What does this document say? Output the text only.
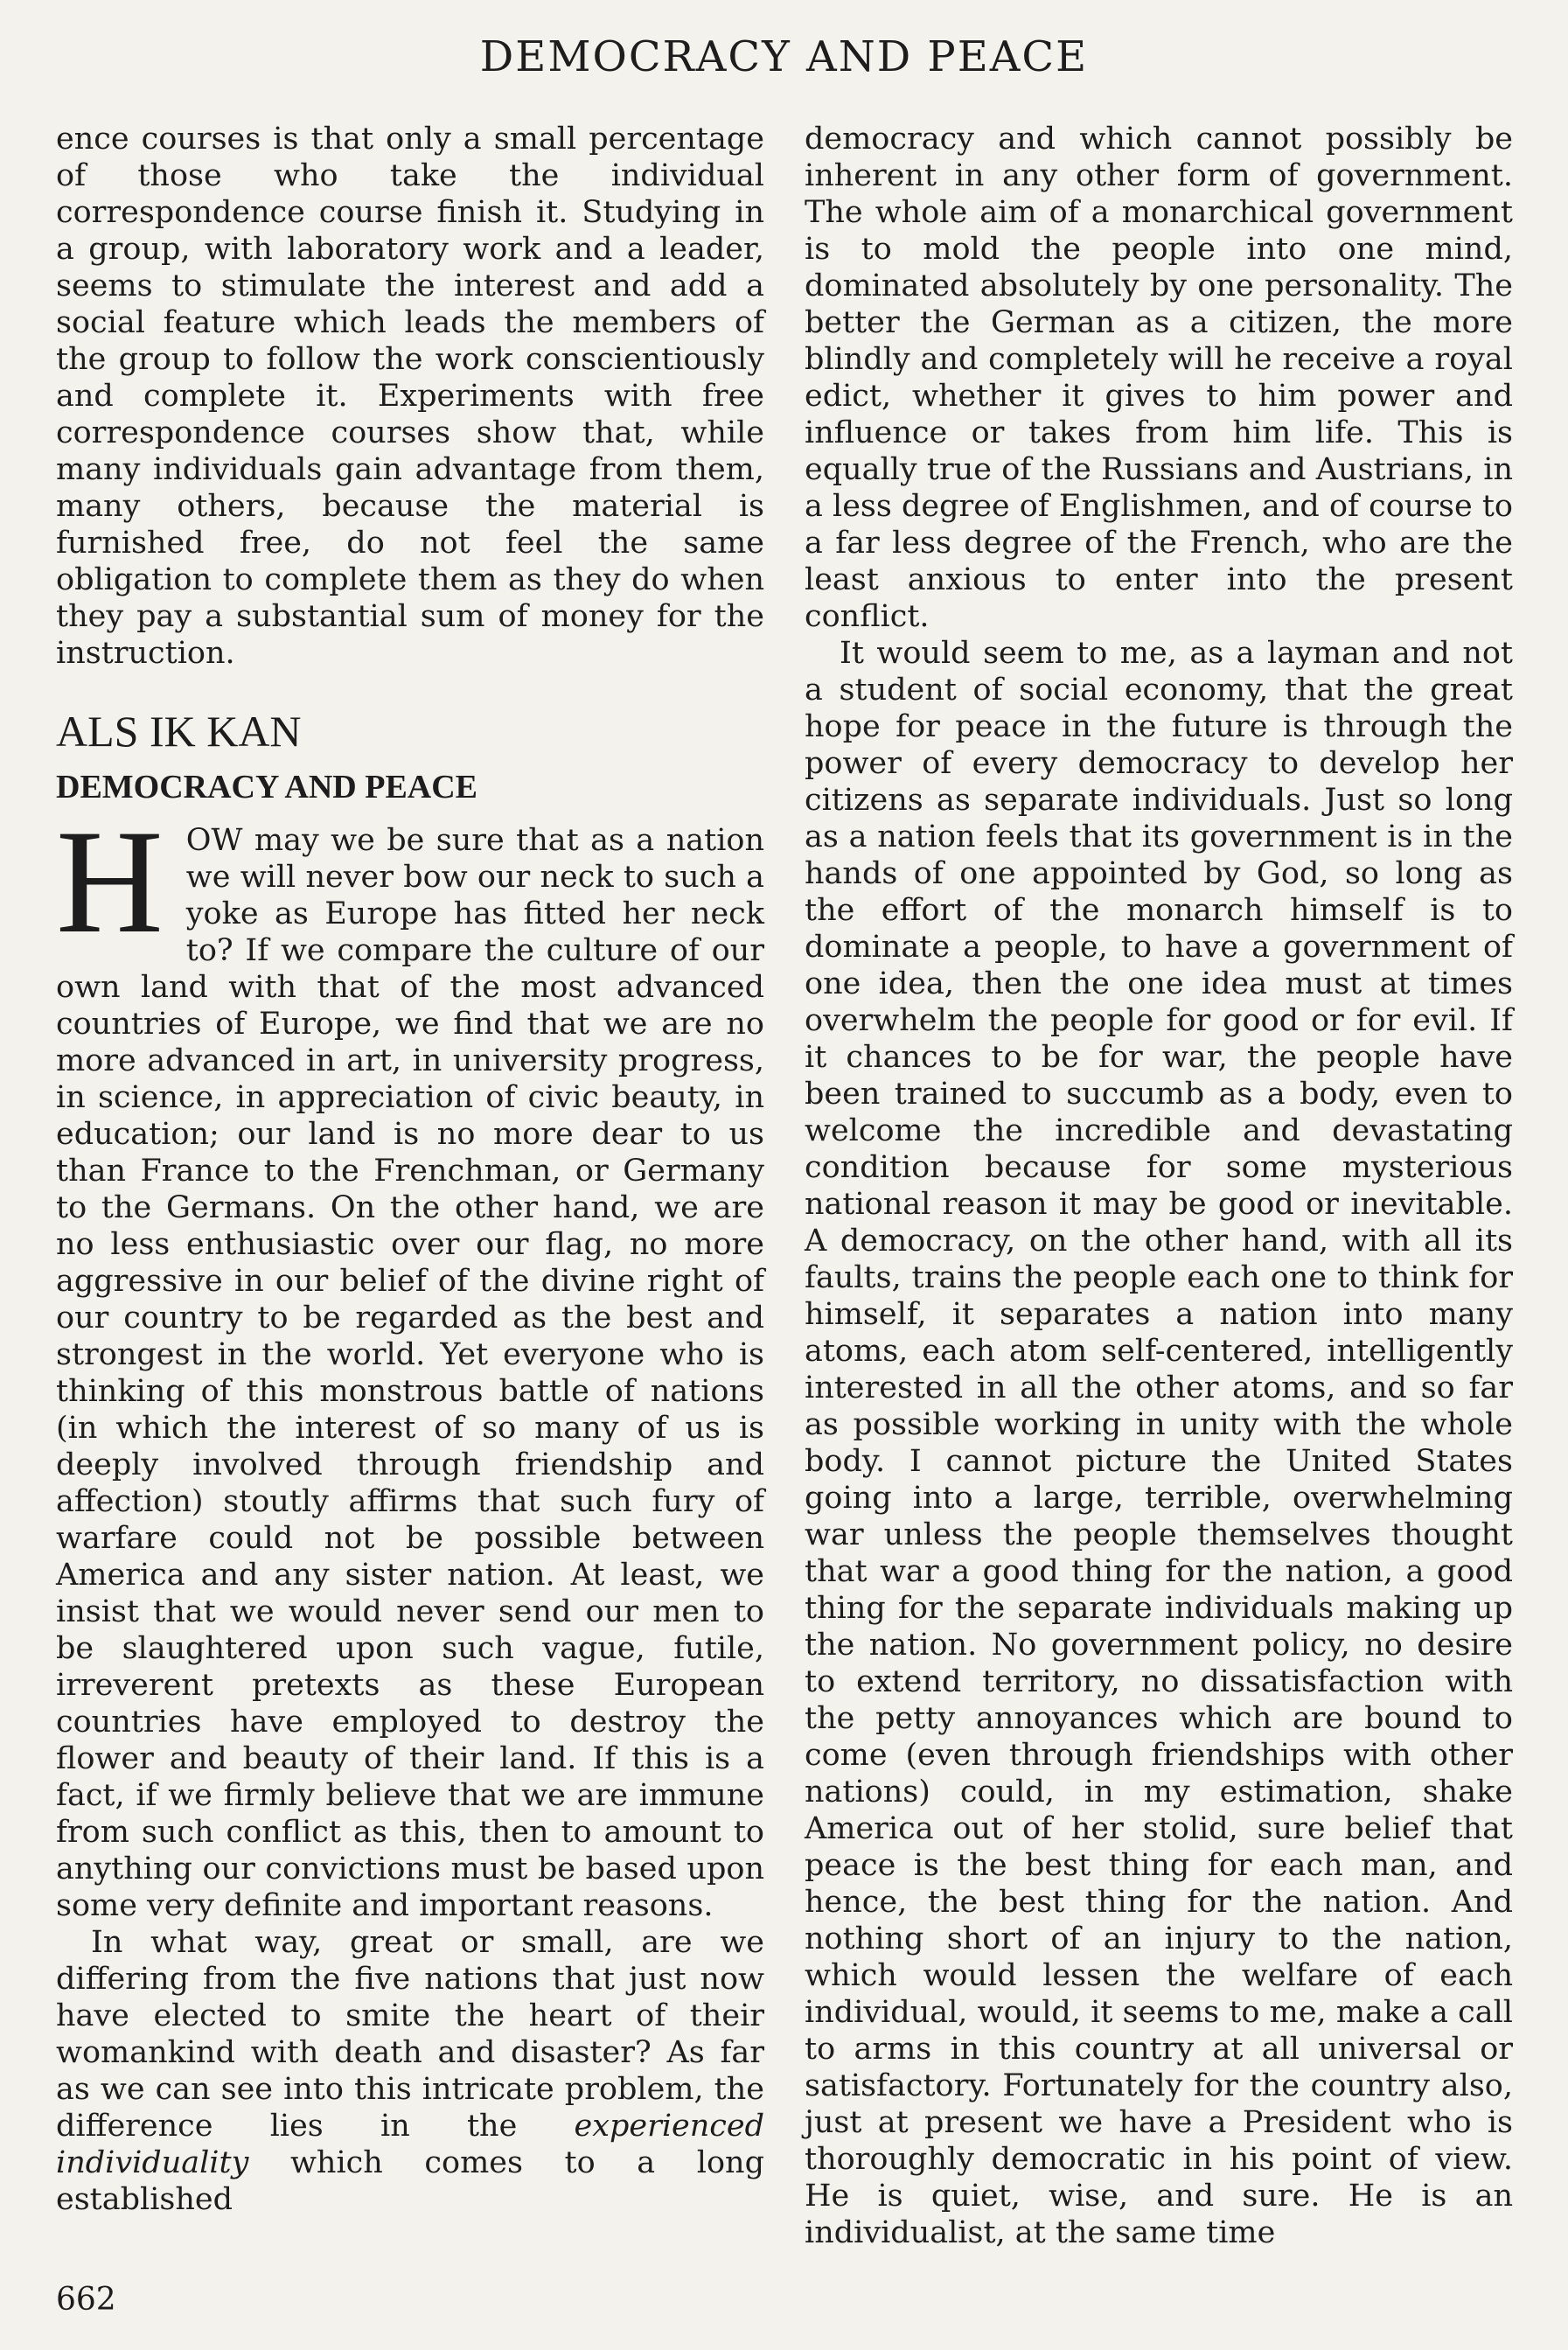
DEMOCRACY AND PEACE

ence courses is that only a small percentage of those who take the individual correspondence course finish it. Studying in a group, with laboratory work and a leader, seems to stimulate the interest and add a social feature which leads the members of the group to follow the work conscientiously and complete it. Experiments with free correspondence courses show that, while many individuals gain advantage from them, many others, because the material is furnished free, do not feel the same obligation to complete them as they do when they pay a substantial sum of money for the instruction.

ALS IK KAN
DEMOCRACY AND PEACE

HOW may we be sure that as a nation we will never bow our neck to such a yoke as Europe has fitted her neck to? If we compare the culture of our own land with that of the most advanced countries of Europe, we find that we are no more advanced in art, in university progress, in science, in appreciation of civic beauty, in education; our land is no more dear to us than France to the Frenchman, or Germany to the Germans. On the other hand, we are no less enthusiastic over our flag, no more aggressive in our belief of the divine right of our country to be regarded as the best and strongest in the world. Yet everyone who is thinking of this monstrous battle of nations (in which the interest of so many of us is deeply involved through friendship and affection) stoutly affirms that such fury of warfare could not be possible between America and any sister nation. At least, we insist that we would never send our men to be slaughtered upon such vague, futile, irreverent pretexts as these European countries have employed to destroy the flower and beauty of their land. If this is a fact, if we firmly believe that we are immune from such conflict as this, then to amount to anything our convictions must be based upon some very definite and important reasons.

In what way, great or small, are we differing from the five nations that just now have elected to smite the heart of their womankind with death and disaster? As far as we can see into this intricate problem, the difference lies in the experienced individuality which comes to a long established

democracy and which cannot possibly be inherent in any other form of government. The whole aim of a monarchical government is to mold the people into one mind, dominated absolutely by one personality. The better the German as a citizen, the more blindly and completely will he receive a royal edict, whether it gives to him power and influence or takes from him life. This is equally true of the Russians and Austrians, in a less degree of Englishmen, and of course to a far less degree of the French, who are the least anxious to enter into the present conflict.

It would seem to me, as a layman and not a student of social economy, that the great hope for peace in the future is through the power of every democracy to develop her citizens as separate individuals. Just so long as a nation feels that its government is in the hands of one appointed by God, so long as the effort of the monarch himself is to dominate a people, to have a government of one idea, then the one idea must at times overwhelm the people for good or for evil. If it chances to be for war, the people have been trained to succumb as a body, even to welcome the incredible and devastating condition because for some mysterious national reason it may be good or inevitable. A democracy, on the other hand, with all its faults, trains the people each one to think for himself, it separates a nation into many atoms, each atom self-centered, intelligently interested in all the other atoms, and so far as possible working in unity with the whole body. I cannot picture the United States going into a large, terrible, overwhelming war unless the people themselves thought that war a good thing for the nation, a good thing for the separate individuals making up the nation. No government policy, no desire to extend territory, no dissatisfaction with the petty annoyances which are bound to come (even through friendships with other nations) could, in my estimation, shake America out of her stolid, sure belief that peace is the best thing for each man, and hence, the best thing for the nation. And nothing short of an injury to the nation, which would lessen the welfare of each individual, would, it seems to me, make a call to arms in this country at all universal or satisfactory. Fortunately for the country also, just at present we have a President who is thoroughly democratic in his point of view. He is quiet, wise, and sure. He is an individualist, at the same time

662
